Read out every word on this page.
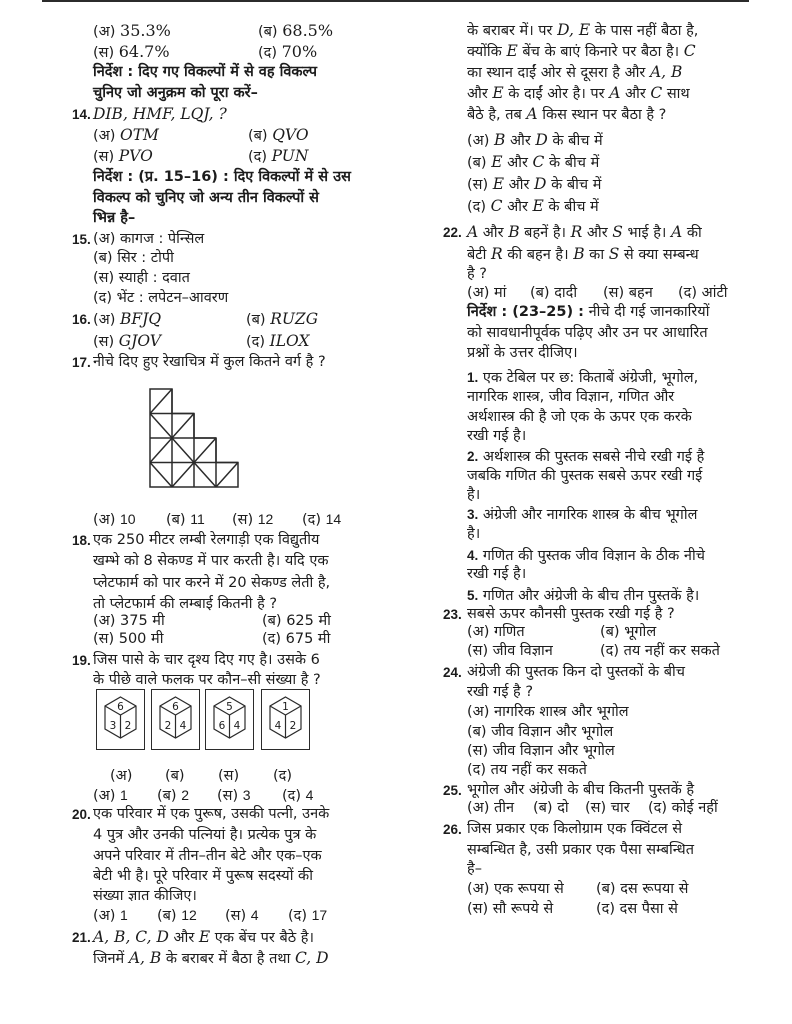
(अ) 35.3%	(ब) 68.5%
(स) 64.7%	(द) 70%
निर्देश : दिए गए विकल्पों में से वह विकल्प
चुनिए जो अनुक्रम को पूरा करें–
14. DIB, HMF, LQJ, ?
(अ) OTM	(ब) QVO
(स) PVO	(द) PUN
निर्देश : (प्र. 15–16) : दिए विकल्पों में से उस
विकल्प को चुनिए जो अन्य तीन विकल्पों से
भिन्न है–
15. (अ) कागज : पेन्सिल
(ब) सिर : टोपी
(स) स्याही : दवात
(द) भेंट : लपेटन–आवरण
16. (अ) BFJQ	(ब) RUZG
(स) GJOV	(द) ILOX
17. नीचे दिए हुए रेखाचित्र में कुल कितने वर्ग है ?
(अ) 10 (ब) 11 (स) 12 (द) 14
18. एक 250 मीटर लम्बी रेलगाड़ी एक विद्युतीय
खम्भे को 8 सेकण्ड में पार करती है। यदि एक
प्लेटफार्म को पार करने में 20 सेकण्ड लेती है,
तो प्लेटफार्म की लम्बाई कितनी है ?
(अ) 375 मी	(ब) 625 मी
(स) 500 मी	(द) 675 मी
19. जिस पासे के चार दृश्य दिए गए है। उसके 6
के पीछे वाले फलक पर कौन–सी संख्या है ?
6
3 2
6
2 4
5
6 4
1
4 2
(अ) (ब) (स) (द)
(अ) 1 (ब) 2 (स) 3 (द) 4
20. एक परिवार में एक पुरूष, उसकी पत्नी, उनके
4 पुत्र और उनकी पत्नियां है। प्रत्येक पुत्र के
अपने परिवार में तीन–तीन बेटे और एक–एक
बेटी भी है। पूरे परिवार में पुरूष सदस्यों की
संख्या ज्ञात कीजिए।
(अ) 1 (ब) 12 (स) 4 (द) 17
21. A, B, C, D और E एक बेंच पर बैठे है।
जिनमें A, B के बराबर में बैठा है तथा C, D
के बराबर में। पर D, E के पास नहीं बैठा है,
क्योंकि E बेंच के बाएं किनारे पर बैठा है। C
का स्थान दाईं ओर से दूसरा है और A, B
और E के दाईं ओर है। पर A और C साथ
बैठे है, तब A किस स्थान पर बैठा है ?
(अ) B और D के बीच में
(ब) E और C के बीच में
(स) E और D के बीच में
(द) C और E के बीच में
22. A और B बहनें है। R और S भाई है। A की
बेटी R की बहन है। B का S से क्या सम्बन्ध
है ?
(अ) मां (ब) दादी (स) बहन (द) आंटी
निर्देश : (23–25) : नीचे दी गई जानकारियों
को सावधानीपूर्वक पढ़िए और उन पर आधारित
प्रश्नों के उत्तर दीजिए।
1. एक टेबिल पर छ: किताबें अंग्रेजी, भूगोल,
नागरिक शास्त्र, जीव विज्ञान, गणित और
अर्थशास्त्र की है जो एक के ऊपर एक करके
रखी गई है।
2. अर्थशास्त्र की पुस्तक सबसे नीचे रखी गई है
जबकि गणित की पुस्तक सबसे ऊपर रखी गई
है।
3. अंग्रेजी और नागरिक शास्त्र के बीच भूगोल
है।
4. गणित की पुस्तक जीव विज्ञान के ठीक नीचे
रखी गई है।
5. गणित और अंग्रेजी के बीच तीन पुस्तकें है।
23. सबसे ऊपर कौनसी पुस्तक रखी गई है ?
(अ) गणित	(ब) भूगोल
(स) जीव विज्ञान	(द) तय नहीं कर सकते
24. अंग्रेजी की पुस्तक किन दो पुस्तकों के बीच
रखी गई है ?
(अ) नागरिक शास्त्र और भूगोल
(ब) जीव विज्ञान और भूगोल
(स) जीव विज्ञान और भूगोल
(द) तय नहीं कर सकते
25. भूगोल और अंग्रेजी के बीच कितनी पुस्तकें है
(अ) तीन (ब) दो (स) चार (द) कोई नहीं
26. जिस प्रकार एक किलोग्राम एक क्विंटल से
सम्बन्धित है, उसी प्रकार एक पैसा सम्बन्धित
है–
(अ) एक रूपया से (ब) दस रूपया से
(स) सौ रूपये से	(द) दस पैसा से
